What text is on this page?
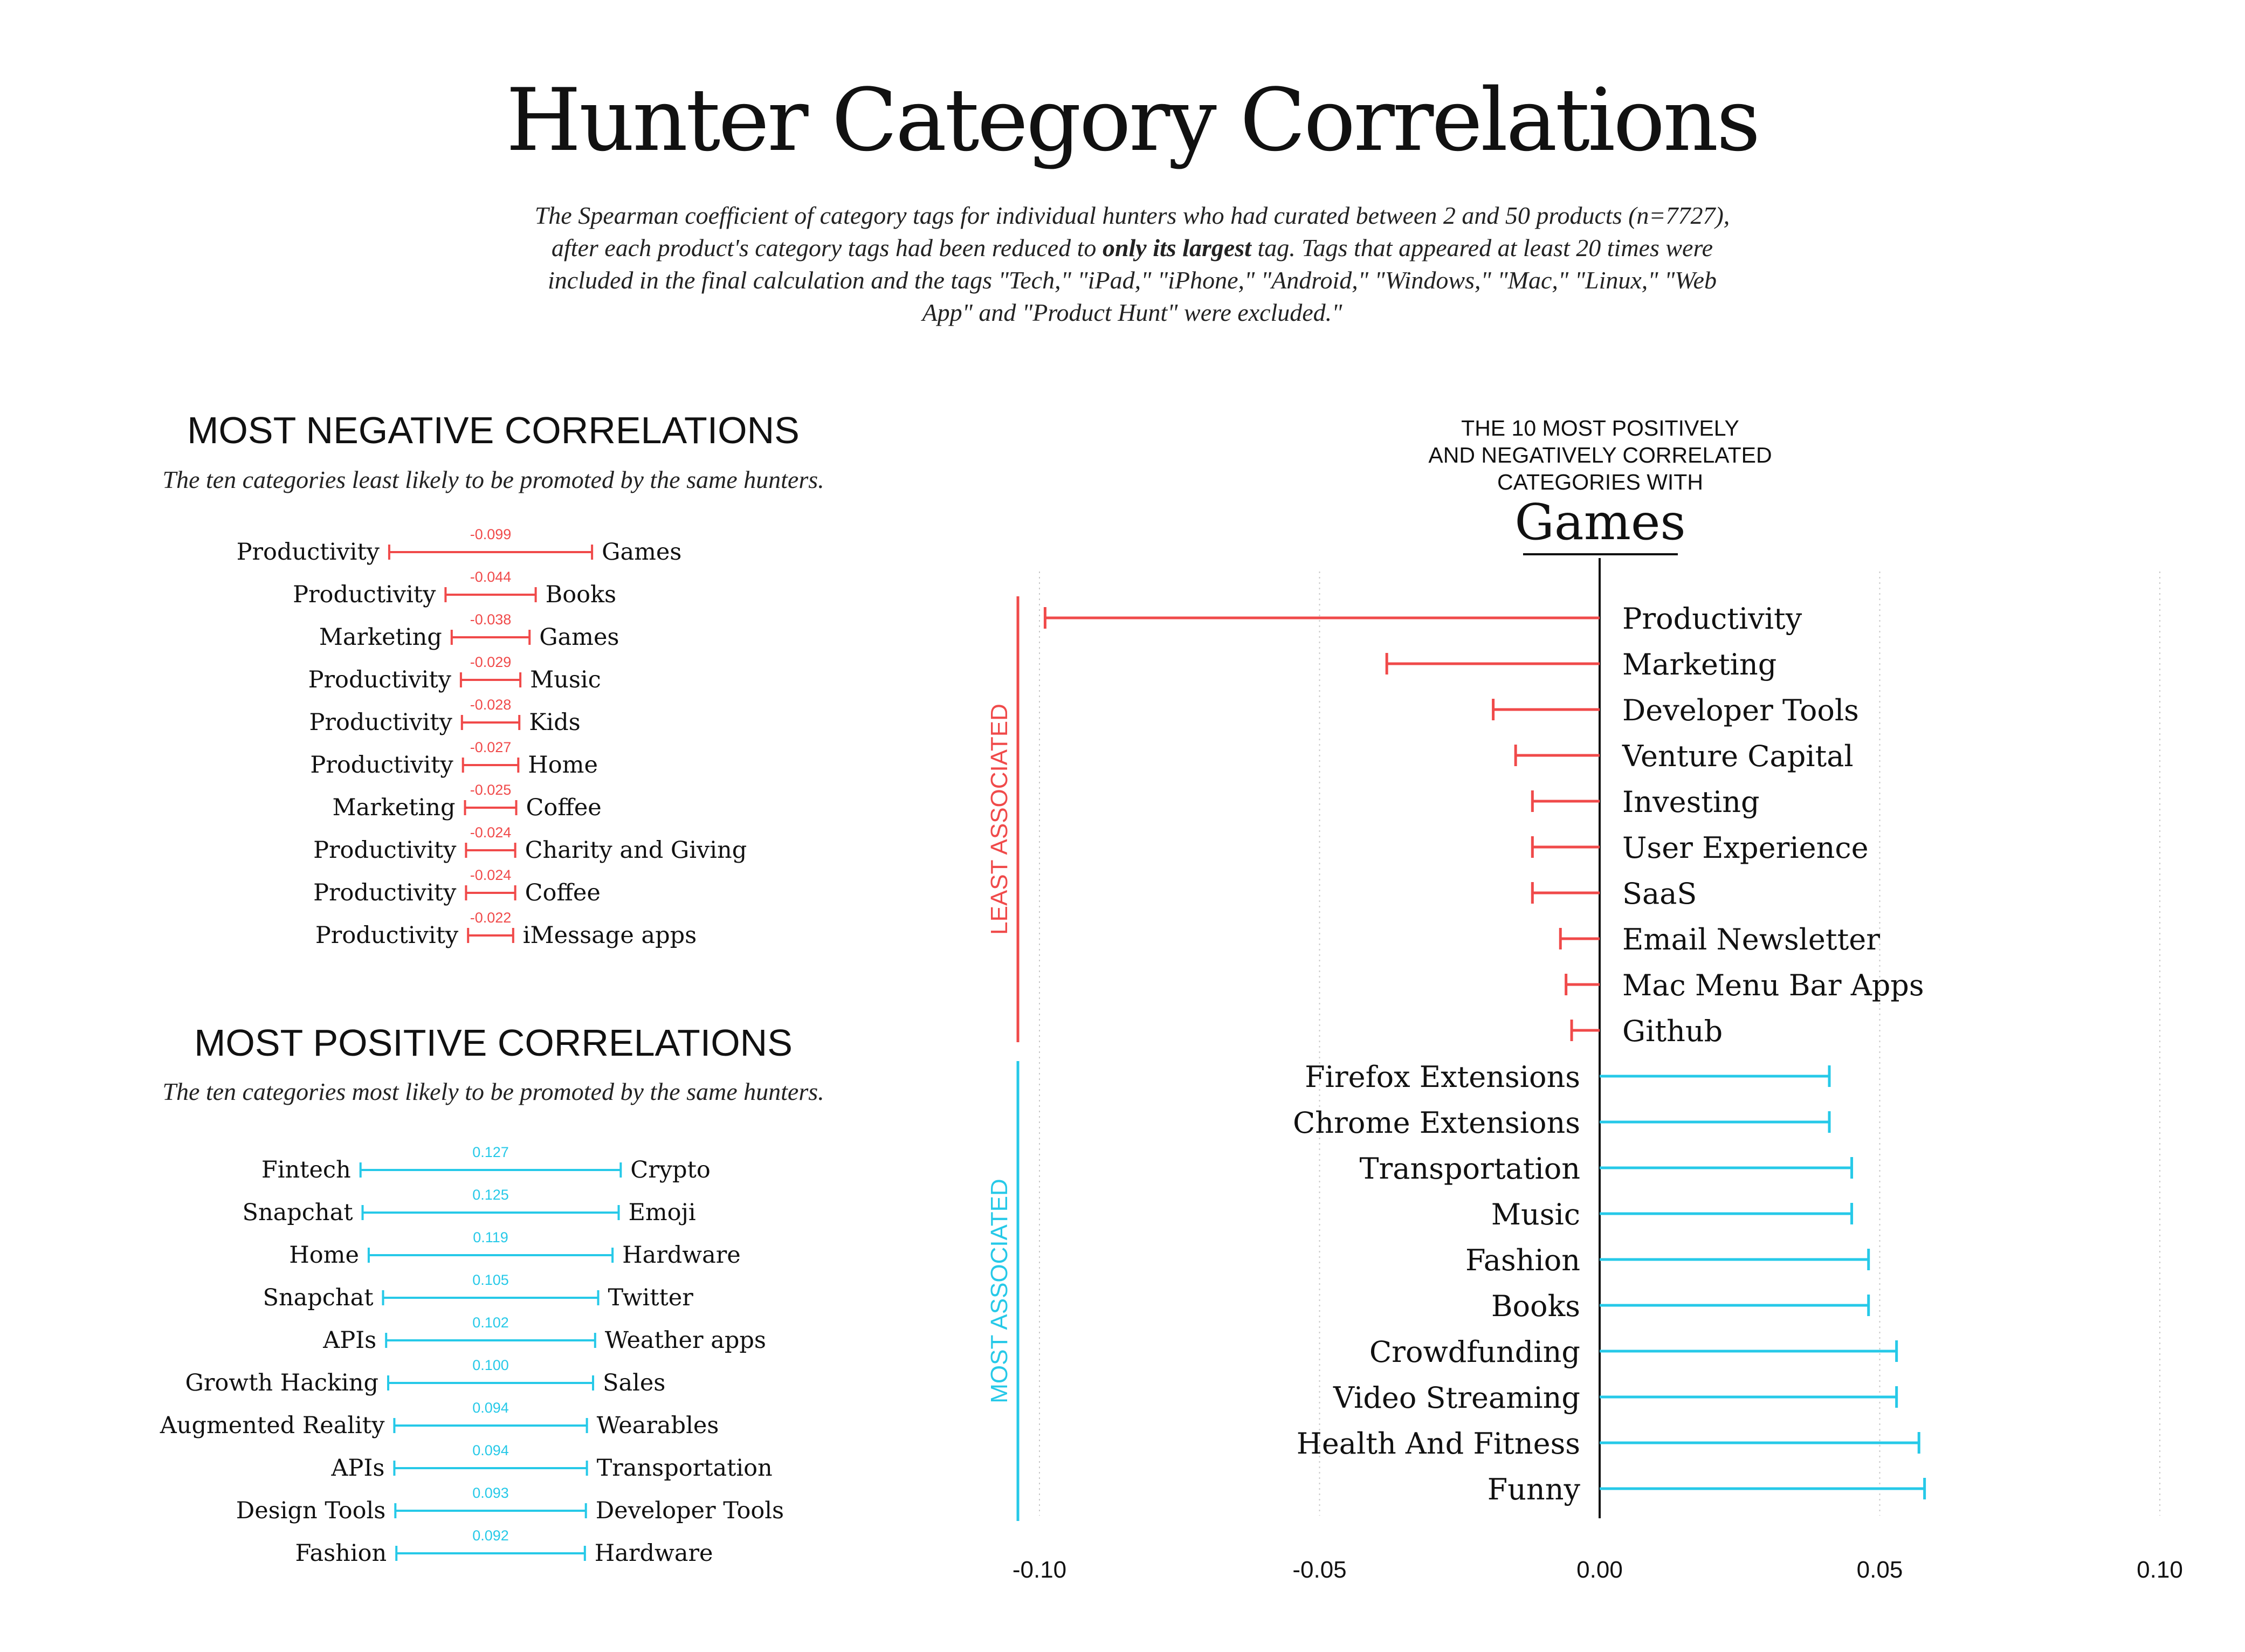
Hunter Category Correlations
The Spearman coefficient of category tags for individual hunters who had curated between 2 and 50 products (n=7727), after each product's category tags had been reduced to only its largest tag. Tags that appeared at least 20 times were included in the final calculation and the tags "Tech," "iPad," "iPhone," "Android," "Windows," "Mac," "Linux," "Web App" and "Product Hunt" were excluded."
MOST NEGATIVE CORRELATIONS
The ten categories least likely to be promoted by the same hunters.
-0.099
Productivity	Games
-0.044
Productivity	Books
-0.038
Marketing	Games
-0.029
Productivity	Music
-0.028
Productivity	Kids
-0.027
Productivity	Home
-0.025
Marketing	Coffee
-0.024
Productivity	Charity and Giving
-0.024
Productivity	Coffee
-0.022
Productivity	iMessage apps
MOST POSITIVE CORRELATIONS
The ten categories most likely to be promoted by the same hunters.
0.127
Fintech	Crypto
0.125
Snapchat	Emoji
0.119
Home	Hardware
0.105
Snapchat	Twitter
0.102
APIs	Weather apps
0.100
Growth Hacking	Sales
0.094
Augmented Reality	Wearables
0.094
APIs	Transportation
0.093
Design Tools	Developer Tools
0.092
Fashion	Hardware
THE 10 MOST POSITIVELY
AND NEGATIVELY CORRELATED
CATEGORIES WITH
Games
-0.10	-0.05	0.00	0.05	0.10
Productivity
Marketing
Developer Tools
Venture Capital
Investing
User Experience
SaaS
Email Newsletter
Mac Menu Bar Apps
Github
Firefox Extensions
Chrome Extensions
Transportation
Music
Fashion
Books
Crowdfunding
Video Streaming
Health And Fitness
Funny
LEAST ASSOCIATED
MOST ASSOCIATED
